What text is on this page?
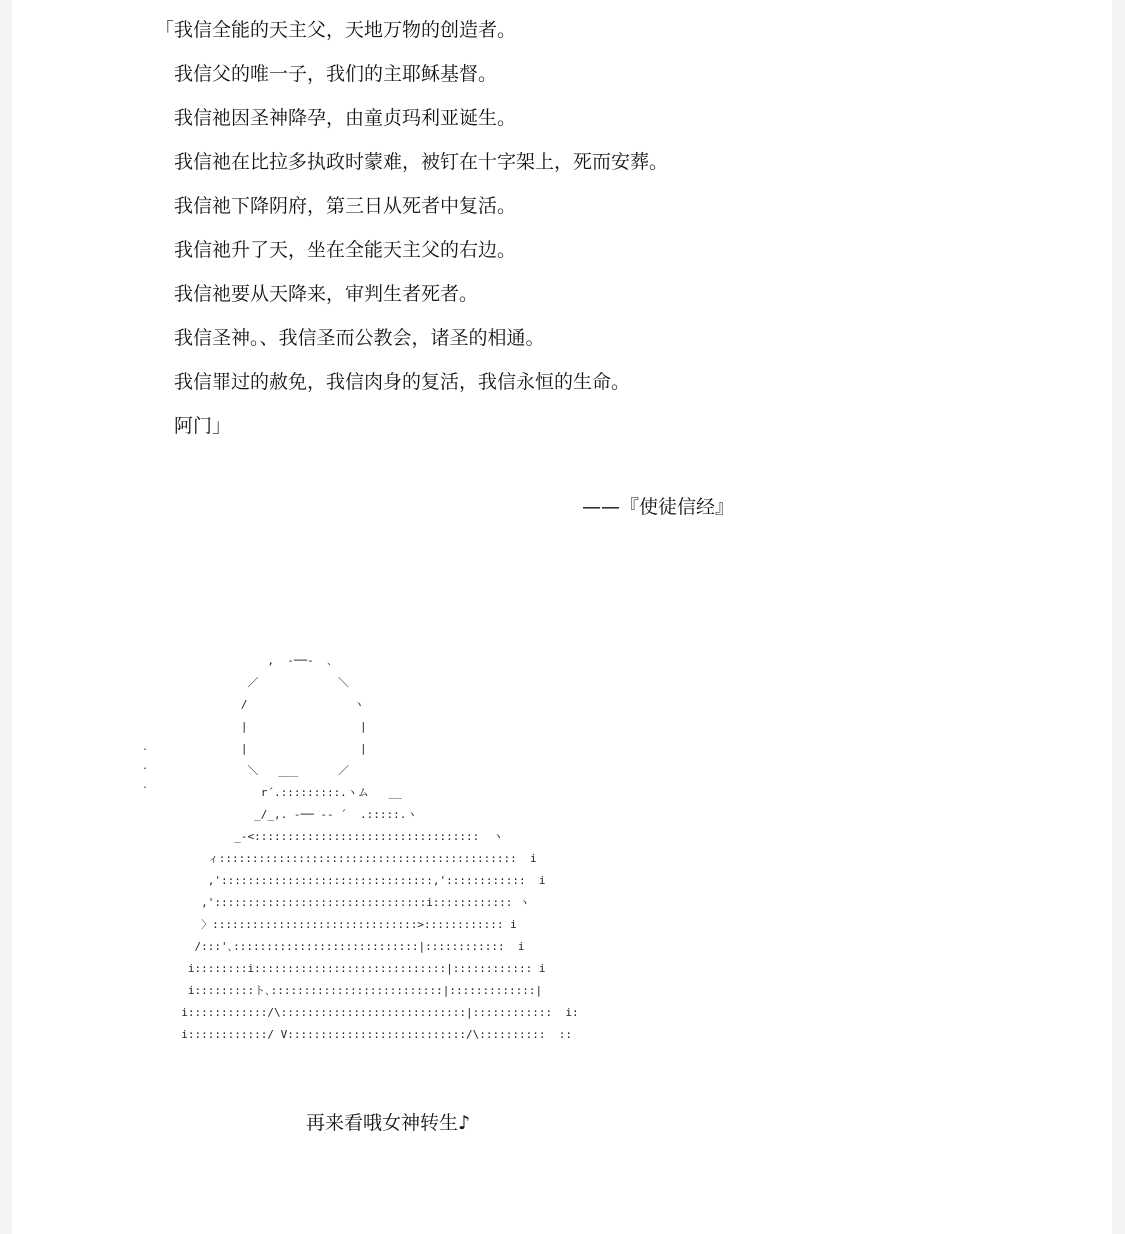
「我信全能的天主父，天地万物的创造者。
　我信父的唯一子，我们的主耶稣基督。
　我信祂因圣神降孕，由童贞玛利亚诞生。
　我信祂在比拉多执政时蒙难，被钉在十字架上，死而安葬。
　我信祂下降阴府，第三日从死者中复活。
　我信祂升了天，坐在全能天主父的右边。
　我信祂要从天降来，审判生者死者。
　我信圣神。、我信圣而公教会，诸圣的相通。
　我信罪过的赦免，我信肉身的复活，我信永恒的生命。
　阿门」
——『使徒信经』
.
.
.
,  -──-  ､
／            ＼
/                ヽ
|                 |
|                 |
＼   ___      ／
r´.:::::::::.ヽム   __
_/_,. -── -- ´  .:::::.ヽ
_-<::::::::::::::::::::::::::::::::::  ヽ
ィ:::::::::::::::::::::::::::::::::::::::::::::  i
,'::::::::::::::::::::::::::::::::,'::::::::::::  i
,'::::::::::::::::::::::::::::::::i:::::::::::: ヽ
〉:::::::::::::::::::::::::::::::>:::::::::::: i
/:::'､::::::::::::::::::::::::::::|::::::::::::  i
i::::::::i:::::::::::::::::::::::::::::|:::::::::::: i
i:::::::::ト､::::::::::::::::::::::::::|:::::::::::::|
i::::::::::::/\::::::::::::::::::::::::::::|::::::::::::  i:
i::::::::::::/ V:::::::::::::::::::::::::::/\::::::::::  ::
再来看哦女神转生♪
